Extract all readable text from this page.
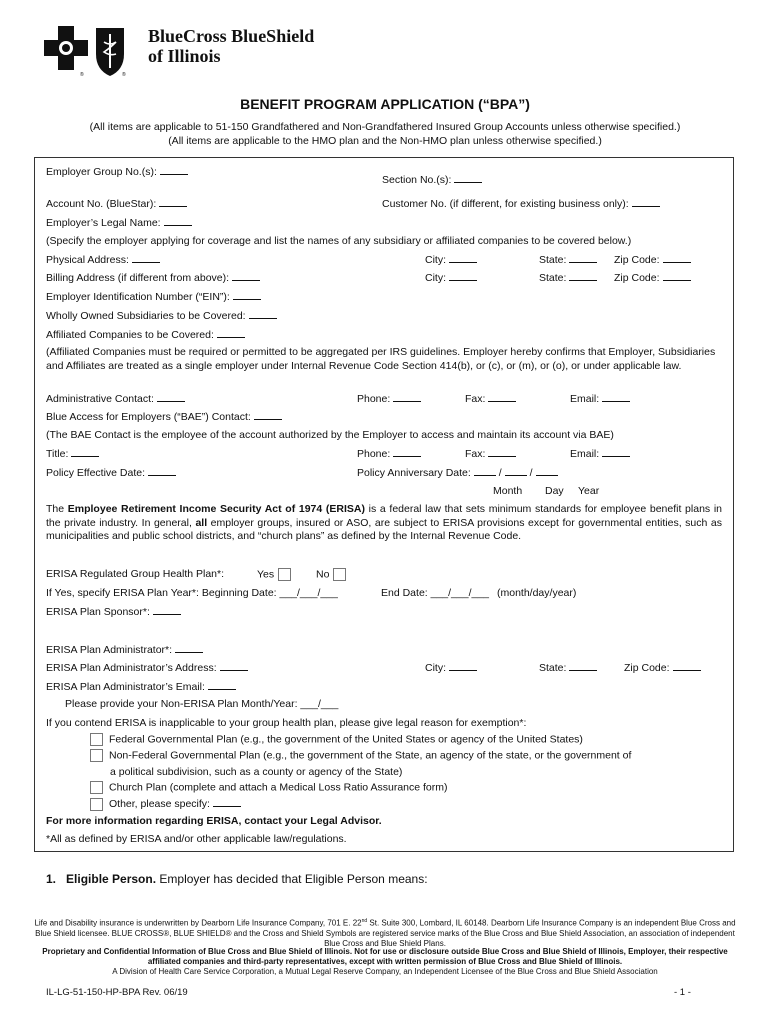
®	®
BlueCross BlueShield
of Illinois
BENEFIT PROGRAM APPLICATION (“BPA”)
(All items are applicable to 51-150 Grandfathered and Non-Grandfathered Insured Group Accounts unless otherwise specified.)
(All items are applicable to the HMO plan and the Non-HMO plan unless otherwise specified.)
Employer Group No.(s):
Section No.(s):
Account No. (BlueStar):	Customer No. (if different, for existing business only):
Employer’s Legal Name:
(Specify the employer applying for coverage and list the names of any subsidiary or affiliated companies to be covered below.)
Physical Address:	City:	State:	Zip Code:
Billing Address (if different from above):	City:	State:	Zip Code:
Employer Identification Number (“EIN”):
Wholly Owned Subsidiaries to be Covered:
Affiliated Companies to be Covered:
(Affiliated Companies must be required or permitted to be aggregated per IRS guidelines. Employer hereby confirms that Employer, Subsidiaries and Affiliates are treated as a single employer under Internal Revenue Code Section 414(b), or (c), or (m), or (o), or under applicable law.
Administrative Contact:	Phone:	Fax:	Email:
Blue Access for Employers (“BAE”) Contact:
(The BAE Contact is the employee of the account authorized by the Employer to access and maintain its account via BAE)
Title:	Phone:	Fax:	Email:
Policy Effective Date:	Policy Anniversary Date:	/	/
Month Day Year
The Employee Retirement Income Security Act of 1974 (ERISA) is a federal law that sets minimum standards for employee benefit plans in the private industry. In general, all employer groups, insured or ASO, are subject to ERISA provisions except for governmental entities, such as municipalities and public school districts, and “church plans” as defined by the Internal Revenue Code.
ERISA Regulated Group Health Plan*:	Yes	No
If Yes, specify ERISA Plan Year*: Beginning Date: ___/___/___	End Date: ___/___/___ (month/day/year)
ERISA Plan Sponsor*:
ERISA Plan Administrator*:
ERISA Plan Administrator’s Address:	City:	State:	Zip Code:
ERISA Plan Administrator’s Email:
Please provide your Non-ERISA Plan Month/Year: ___/___
If you contend ERISA is inapplicable to your group health plan, please give legal reason for exemption*:
Federal Governmental Plan (e.g., the government of the United States or agency of the United States)
Non-Federal Governmental Plan (e.g., the government of the State, an agency of the state, or the government of
a political subdivision, such as a county or agency of the State)
Church Plan (complete and attach a Medical Loss Ratio Assurance form)
Other, please specify:
For more information regarding ERISA, contact your Legal Advisor.
*All as defined by ERISA and/or other applicable law/regulations.
1. Eligible Person. Employer has decided that Eligible Person means:
Life and Disability insurance is underwritten by Dearborn Life Insurance Company, 701 E. 22nd St. Suite 300, Lombard, IL 60148. Dearborn Life Insurance Company is an independent Blue Cross and Blue Shield licensee. BLUE CROSS®, BLUE SHIELD® and the Cross and Shield Symbols are registered service marks of the Blue Cross and Blue Shield Association, an association of independent Blue Cross and Blue Shield Plans.
Proprietary and Confidential Information of Blue Cross and Blue Shield of Illinois. Not for use or disclosure outside Blue Cross and Blue Shield of Illinois, Employer, their respective affiliated companies and third-party representatives, except with written permission of Blue Cross and Blue Shield of Illinois.
A Division of Health Care Service Corporation, a Mutual Legal Reserve Company, an Independent Licensee of the Blue Cross and Blue Shield Association
IL-LG-51-150-HP-BPA Rev. 06/19	- 1 -
